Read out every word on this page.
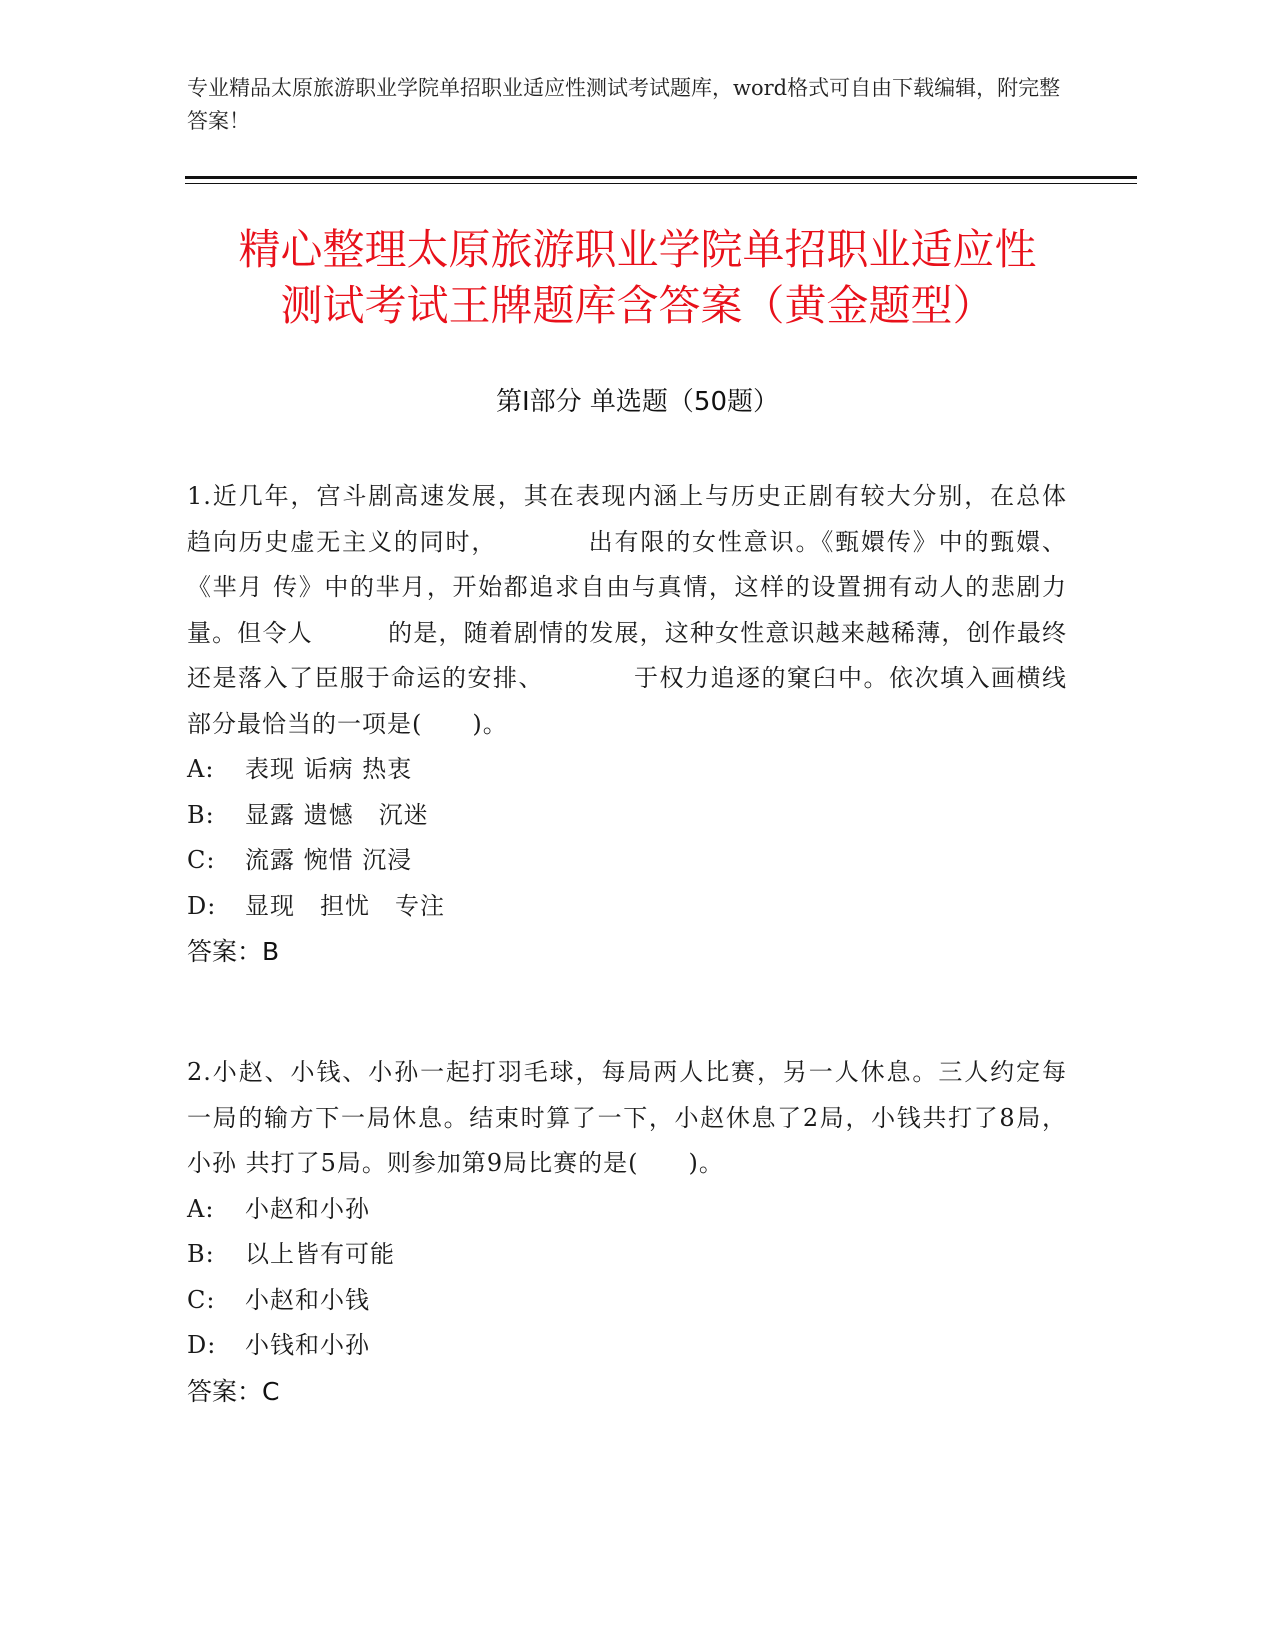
专业精品太原旅游职业学院单招职业适应性测试考试题库，word格式可自由下载编辑，附完整答案！
精心整理太原旅游职业学院单招职业适应性
测试考试王牌题库含答案（黄金题型）
第Ⅰ部分 单选题（50题）
1.近几年，宫斗剧高速发展，其在表现内涵上与历史正剧有较大分别，在总体 趋向历史虚无主义的同时，　　　　出有限的女性意识。《甄嬛传》中的甄嬛、《芈月 传》中的芈月，开始都追求自由与真情，这样的设置拥有动人的悲剧力量。但令人　　　的是，随着剧情的发展，这种女性意识越来越稀薄，创作最终还是落入了臣服于命运的安排、　　　　于权力追逐的窠臼中。依次填入画横线部分最恰当的一项是(　　)。
A:	表现 诟病 热衷
B:	显露 遗憾　沉迷
C:	流露 惋惜 沉浸
D:	显现　担忧　专注
答案：B
2.小赵、小钱、小孙一起打羽毛球，每局两人比赛，另一人休息。三人约定每 一局的输方下一局休息。结束时算了一下，小赵休息了2局，小钱共打了8局，小孙 共打了5局。则参加第9局比赛的是(　　)。
A:	小赵和小孙
B:	以上皆有可能
C:	小赵和小钱
D:	小钱和小孙
答案：C
